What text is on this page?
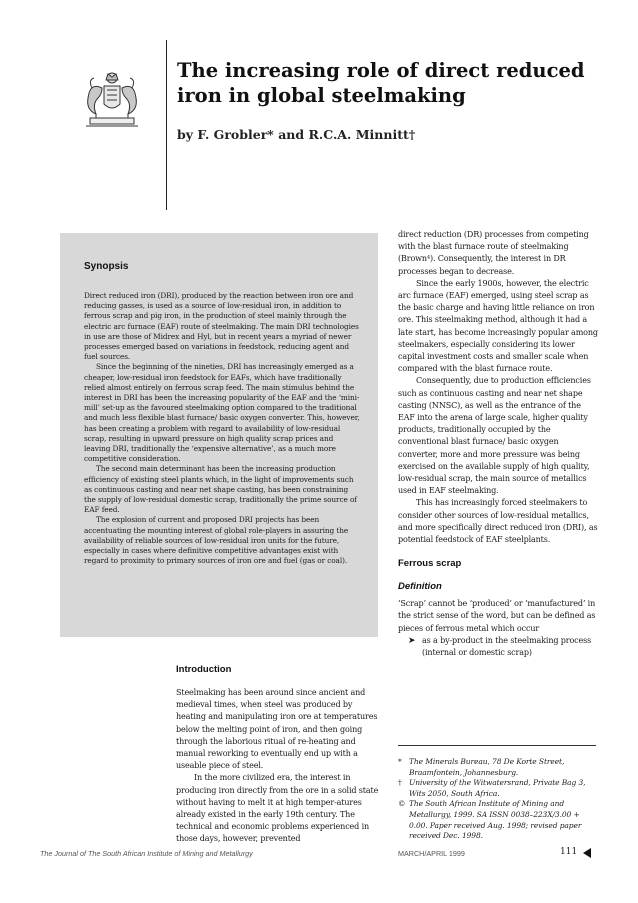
The increasing role of direct reduced iron in global steelmaking
by F. Grobler* and R.C.A. Minnitt†
Synopsis

Direct reduced iron (DRI), produced by the reaction between iron ore and reducing gasses, is used as a source of low-residual iron, in addition to ferrous scrap and pig iron, in the production of steel mainly through the electric arc furnace (EAF) route of steelmaking. The main DRI technologies in use are those of Midrex and Hyl, but in recent years a myriad of newer processes emerged based on variations in feedstock, reducing agent and fuel sources.

Since the beginning of the nineties, DRI has increasingly emerged as a cheaper, low-residual iron feedstock for EAFs, which have traditionally relied almost entirely on ferrous scrap feed. The main stimulus behind the interest in DRI has been the increasing popularity of the EAF and the ‘mini-mill’ set-up as the favoured steelmaking option compared to the traditional and much less flexible blast furnace/ basic oxygen converter. This, however, has been creating a problem with regard to availability of low-residual scrap, resulting in upward pressure on high quality scrap prices and leaving DRI, traditionally the ‘expensive alternative’, as a much more competitive consideration.

The second main determinant has been the increasing production efficiency of existing steel plants which, in the light of improvements such as continuous casting and near net shape casting, has been constraining the supply of low-residual domestic scrap, traditionally the prime source of EAF feed.

The explosion of current and proposed DRI projects has been accentuating the mounting interest of global role-players in assuring the availability of reliable sources of low-residual iron units for the future, especially in cases where definitive competitive advantages exist with regard to proximity to primary sources of iron ore and fuel (gas or coal).

Introduction

Steelmaking has been around since ancient and medieval times, when steel was produced by heating and manipulating iron ore at temperatures below the melting point of iron, and then going through the laborious ritual of re-heating and manual reworking to eventually end up with a useable piece of steel.

In the more civilized era, the interest in producing iron directly from the ore in a solid state without having to melt it at high temper-atures already existed in the early 19th century. The technical and economic problems experienced in those days, however, prevented

direct reduction (DR) processes from competing with the blast furnace route of steelmaking (Brown⁴). Consequently, the interest in DR processes began to decrease.

Since the early 1900s, however, the electric arc furnace (EAF) emerged, using steel scrap as the basic charge and having little reliance on iron ore. This steelmaking method, although it had a late start, has become increasingly popular among steelmakers, especially considering its lower capital investment costs and smaller scale when compared with the blast furnace route.

Consequently, due to production efficiencies such as continuous casting and near net shape casting (NNSC), as well as the entrance of the EAF into the arena of large scale, higher quality products, traditionally occupied by the conventional blast furnace/ basic oxygen converter, more and more pressure was being exercised on the available supply of high quality, low-residual scrap, the main source of metallics used in EAF steelmaking.

This has increasingly forced steelmakers to consider other sources of low-residual metallics, and more specifically direct reduced iron (DRI), as potential feedstock of EAF steelplants.

Ferrous scrap
Definition

‘Scrap’ cannot be ‘produced’ or ‘manufactured’ in the strict sense of the word, but can be defined as pieces of ferrous metal which occur

➤ as a by-product in the steelmaking process (internal or domestic scrap)
* The Minerals Bureau, 78 De Korte Street, Braamfontein, Johannesburg.
† University of the Witwatersrand, Private Bag 3, Wits 2050, South Africa.
© The South African Institute of Mining and Metallurgy, 1999. SA ISSN 0038–223X/3.00 + 0.00. Paper received Aug. 1998; revised paper received Dec. 1998.
The Journal of The South African Institute of Mining and Metallurgy	MARCH/APRIL 1999	111
